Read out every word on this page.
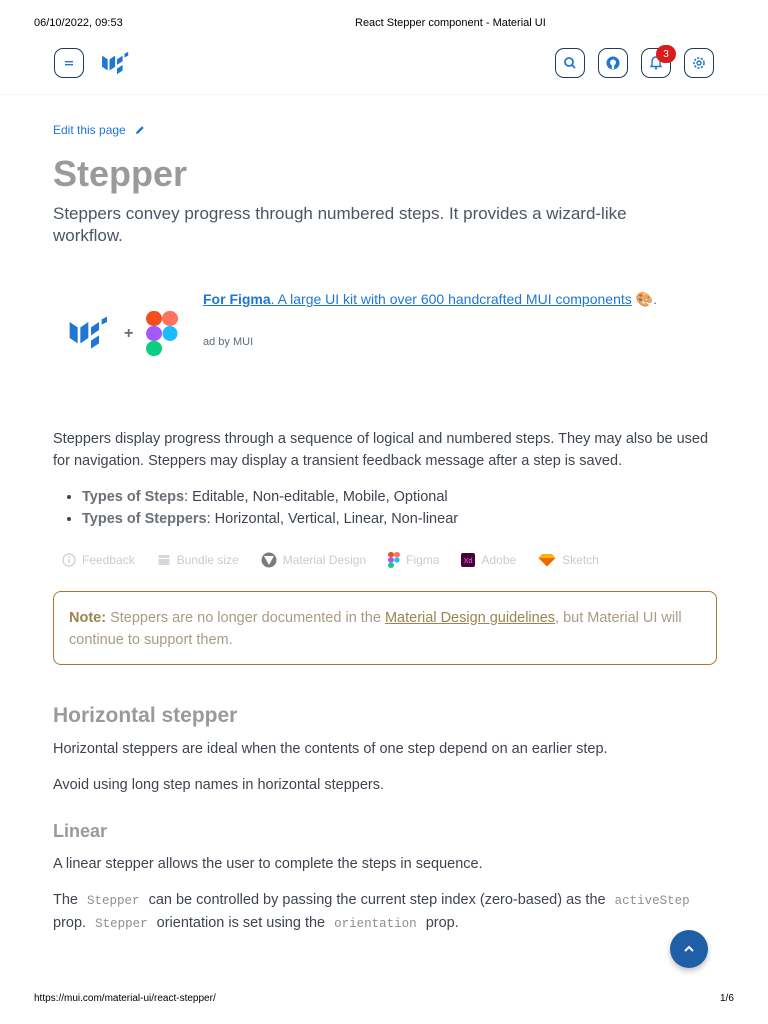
06/10/2022, 09:53	React Stepper component - Material UI
3
Edit this page
Stepper
Steppers convey progress through numbered steps. It provides a wizard-like workflow.
+
For Figma. A large UI kit with over 600 handcrafted MUI components 🎨.
ad by MUI
Steppers display progress through a sequence of logical and numbered steps. They may also be used for navigation. Steppers may display a transient feedback message after a step is saved.
• Types of Steps: Editable, Non-editable, Mobile, Optional
• Types of Steppers: Horizontal, Vertical, Linear, Non-linear
Feedback	Bundle size	Material Design	Figma	Xd Adobe	Sketch
Note: Steppers are no longer documented in the Material Design guidelines, but Material UI will continue to support them.
Horizontal stepper
Horizontal steppers are ideal when the contents of one step depend on an earlier step.
Avoid using long step names in horizontal steppers.
Linear
A linear stepper allows the user to complete the steps in sequence.
The Stepper can be controlled by passing the current step index (zero-based) as the activeStep prop. Stepper orientation is set using the orientation prop.
https://mui.com/material-ui/react-stepper/	1/6
